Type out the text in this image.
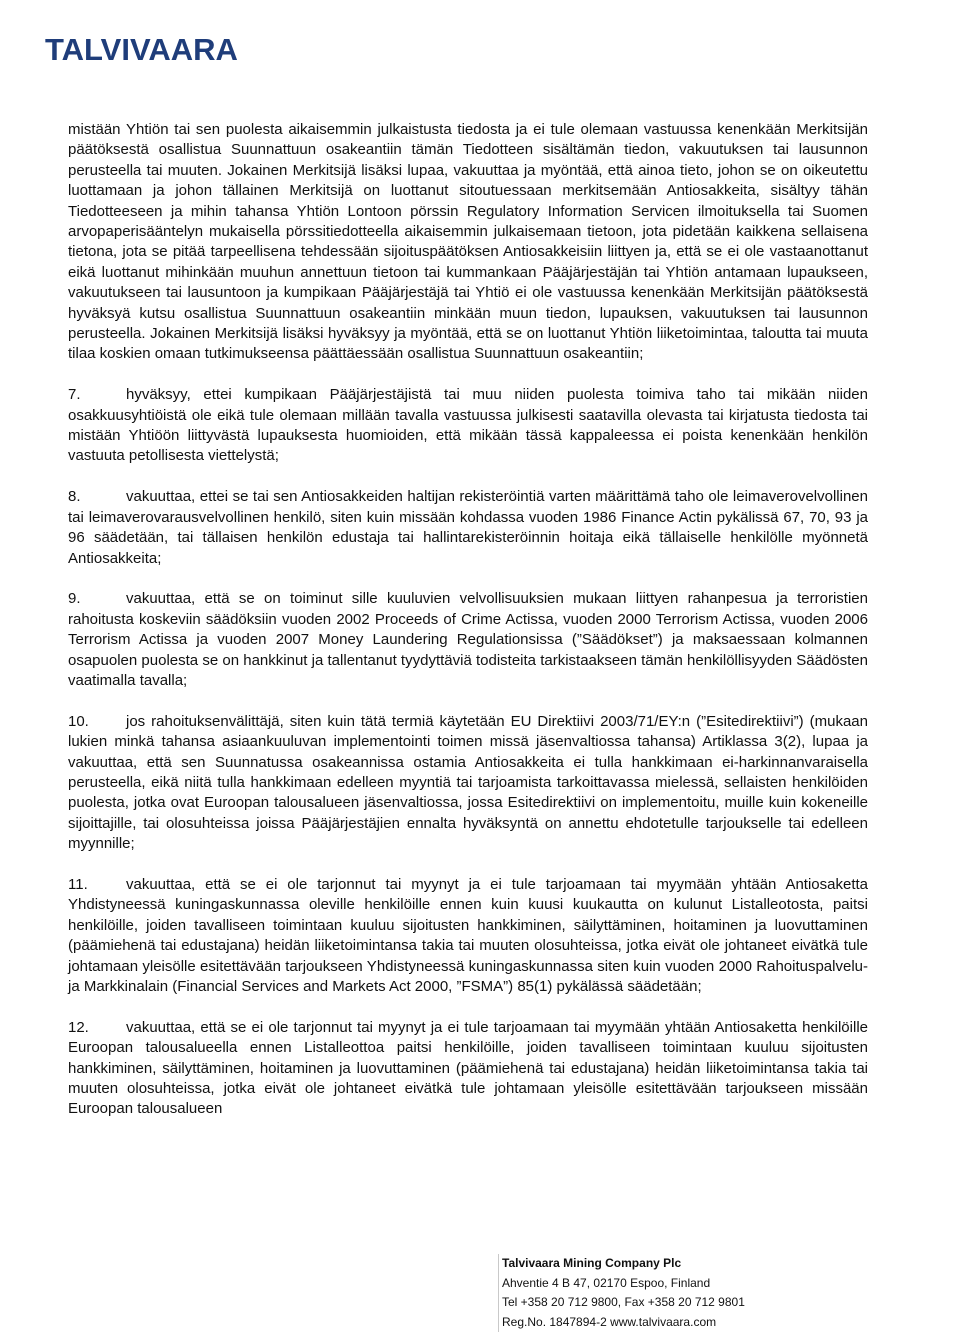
TALVIVAARA

mistään Yhtiön tai sen puolesta aikaisemmin julkaistusta tiedosta ja ei tule olemaan vastuussa kenenkään Merkitsijän päätöksestä osallistua Suunnattuun osakeantiin tämän Tiedotteen sisältämän tiedon, vakuutuksen tai lausunnon perusteella tai muuten. Jokainen Merkitsijä lisäksi lupaa, vakuuttaa ja myöntää, että ainoa tieto, johon se on oikeutettu luottamaan ja johon tällainen Merkitsijä on luottanut sitoutuessaan merkitsemään Antiosakkeita, sisältyy tähän Tiedotteeseen ja mihin tahansa Yhtiön Lontoon pörssin Regulatory Information Servicen ilmoituksella tai Suomen arvopaperisääntelyn mukaisella pörssitiedotteella aikaisemmin julkaisemaan tietoon, jota pidetään kaikkena sellaisena tietona, jota se pitää tarpeellisena tehdessään sijoituspäätöksen Antiosakkeisiin liittyen ja, että se ei ole vastaanottanut eikä luottanut mihinkään muuhun annettuun tietoon tai kummankaan Pääjärjestäjän tai Yhtiön antamaan lupaukseen, vakuutukseen tai lausuntoon ja kumpikaan Pääjärjestäjä tai Yhtiö ei ole vastuussa kenenkään Merkitsijän päätöksestä hyväksyä kutsu osallistua Suunnattuun osakeantiin minkään muun tiedon, lupauksen, vakuutuksen tai lausunnon perusteella. Jokainen Merkitsijä lisäksi hyväksyy ja myöntää, että se on luottanut Yhtiön liiketoimintaa, taloutta tai muuta tilaa koskien omaan tutkimukseensa päättäessään osallistua Suunnattuun osakeantiin;

7.	hyväksyy, ettei kumpikaan Pääjärjestäjistä tai muu niiden puolesta toimiva taho tai mikään niiden osakkuusyhtiöistä ole eikä tule olemaan millään tavalla vastuussa julkisesti saatavilla olevasta tai kirjatusta tiedosta tai mistään Yhtiöön liittyvästä lupauksesta huomioiden, että mikään tässä kappaleessa ei poista kenenkään henkilön vastuuta petollisesta viettelystä;

8.	vakuuttaa, ettei se tai sen Antiosakkeiden haltijan rekisteröintiä varten määrittämä taho ole leimaverovelvollinen tai leimaverovarausvelvollinen henkilö, siten kuin missään kohdassa vuoden 1986 Finance Actin pykälissä 67, 70, 93 ja 96 säädetään, tai tällaisen henkilön edustaja tai hallintarekisteröinnin hoitaja eikä tällaiselle henkilölle myönnetä Antiosakkeita;

9.	vakuuttaa, että se on toiminut sille kuuluvien velvollisuuksien mukaan liittyen rahanpesua ja terroristien rahoitusta koskeviin säädöksiin vuoden 2002 Proceeds of Crime Actissa, vuoden 2000 Terrorism Actissa, vuoden 2006 Terrorism Actissa ja vuoden 2007 Money Laundering Regulationsissa (”Säädökset”) ja maksaessaan kolmannen osapuolen puolesta se on hankkinut ja tallentanut tyydyttäviä todisteita tarkistaakseen tämän henkilöllisyyden Säädösten vaatimalla tavalla;

10. jos rahoituksenvälittäjä, siten kuin tätä termiä käytetään EU Direktiivi 2003/71/EY:n (”Esitedirektiivi”) (mukaan lukien minkä tahansa asiaankuuluvan implementointi toimen missä jäsenvaltiossa tahansa) Artiklassa 3(2), lupaa ja vakuuttaa, että sen Suunnatussa osakeannissa ostamia Antiosakkeita ei tulla hankkimaan ei-harkinnanvaraisella perusteella, eikä niitä tulla hankkimaan edelleen myyntiä tai tarjoamista tarkoittavassa mielessä, sellaisten henkilöiden puolesta, jotka ovat Euroopan talousalueen jäsenvaltiossa, jossa Esitedirektiivi on implementoitu, muille kuin kokeneille sijoittajille, tai olosuhteissa joissa Pääjärjestäjien ennalta hyväksyntä on annettu ehdotetulle tarjoukselle tai edelleen myynnille;

11.	vakuuttaa, että se ei ole tarjonnut tai myynyt ja ei tule tarjoamaan tai myymään yhtään Antiosaketta Yhdistyneessä kuningaskunnassa oleville henkilöille ennen kuin kuusi kuukautta on kulunut Listalleotosta, paitsi henkilöille, joiden tavalliseen toimintaan kuuluu sijoitusten hankkiminen, säilyttäminen, hoitaminen ja luovuttaminen (päämiehenä tai edustajana) heidän liiketoimintansa takia tai muuten olosuhteissa, jotka eivät ole johtaneet eivätkä tule johtamaan yleisölle esitettävään tarjoukseen Yhdistyneessä kuningaskunnassa siten kuin vuoden 2000 Rahoituspalvelu- ja Markkinalain (Financial Services and Markets Act 2000, ”FSMA”) 85(1) pykälässä säädetään;

12. vakuuttaa, että se ei ole tarjonnut tai myynyt ja ei tule tarjoamaan tai myymään yhtään Antiosaketta henkilöille Euroopan talousalueella ennen Listalleottoa paitsi henkilöille, joiden tavalliseen toimintaan kuuluu sijoitusten hankkiminen, säilyttäminen, hoitaminen ja luovuttaminen (päämiehenä tai edustajana) heidän liiketoimintansa takia tai muuten olosuhteissa, jotka eivät ole johtaneet eivätkä tule johtamaan yleisölle esitettävään tarjoukseen missään Euroopan talousalueen

Talvivaara Mining Company Plc
Ahventie 4 B 47, 02170 Espoo, Finland
Tel +358 20 712 9800, Fax +358 20 712 9801
Reg.No. 1847894-2 www.talvivaara.com
